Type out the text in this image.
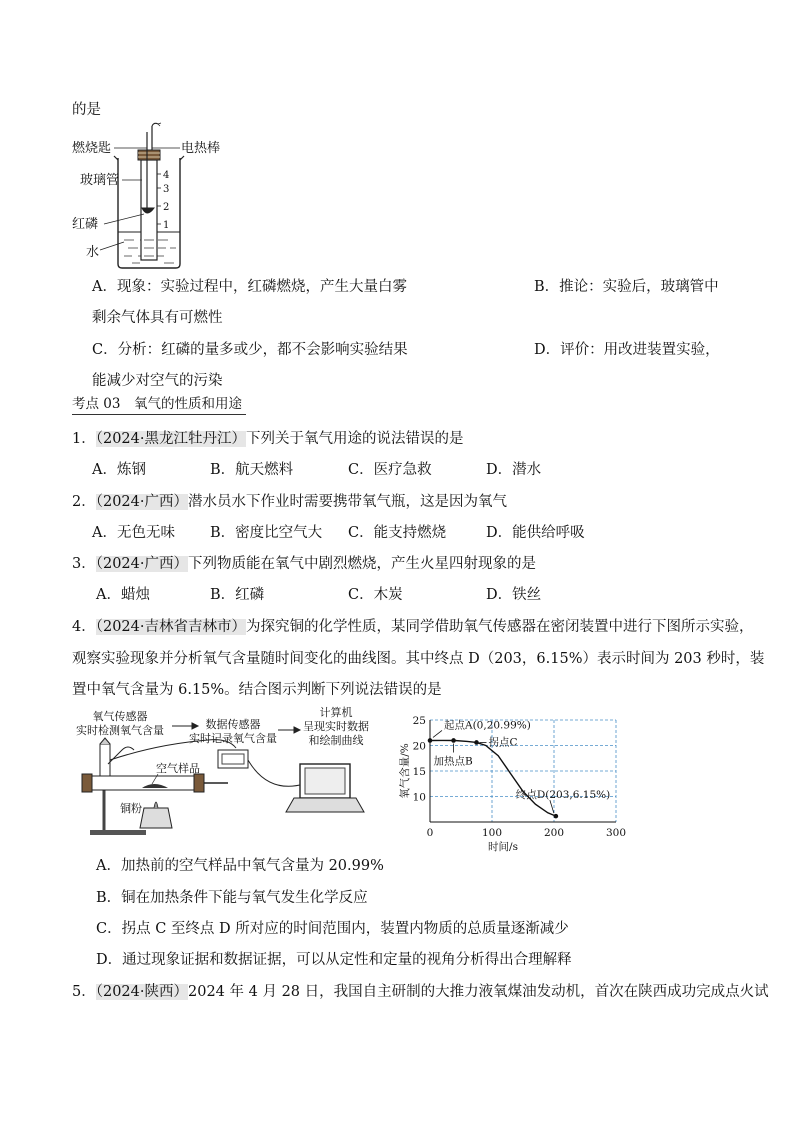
的是
4
3
2
1
燃烧匙	电热棒
玻璃管
红磷
水
A．现象：实验过程中，红磷燃烧，产生大量白雾	B．推论：实验后，玻璃管中
剩余气体具有可燃性
C．分析：红磷的量多或少，都不会影响实验结果	D．评价：用改进装置实验，
能减少对空气的污染
考点 03　氧气的性质和用途
1．（2024·黑龙江牡丹江）下列关于氧气用途的说法错误的是
A．炼钢	B．航天燃料	C．医疗急救	D．潜水
2．（2024·广西）潜水员水下作业时需要携带氧气瓶，这是因为氧气
A．无色无味 B．密度比空气大 C．能支持燃烧	D．能供给呼吸
3．（2024·广西）下列物质能在氧气中剧烈燃烧，产生火星四射现象的是
A．蜡烛	B．红磷	C．木炭	D．铁丝
4．（2024·吉林省吉林市）为探究铜的化学性质，某同学借助氧气传感器在密闭装置中进行下图所示实验，
观察实验现象并分析氧气含量随时间变化的曲线图。其中终点 D（203，6.15%）表示时间为 203 秒时，装
置中氧气含量为 6.15%。结合图示判断下列说法错误的是
氧气传感器
实时检测氧气含量	数据传感器
实时记录氧气含量
计算机
呈现实时数据
和绘制曲线
空气样品
铜粉
10
15
20
25
0	100	200	300
氧气含量/%
时间/s
起点A(0,20.99%)
加热点B
拐点C
终点D(203,6.15%)
A．加热前的空气样品中氧气含量为 20.99%
B．铜在加热条件下能与氧气发生化学反应
C．拐点 C 至终点 D 所对应的时间范围内，装置内物质的总质量逐渐减少
D．通过现象证据和数据证据，可以从定性和定量的视角分析得出合理解释
5．（2024·陕西）2024 年 4 月 28 日，我国自主研制的大推力液氧煤油发动机，首次在陕西成功完成点火试
